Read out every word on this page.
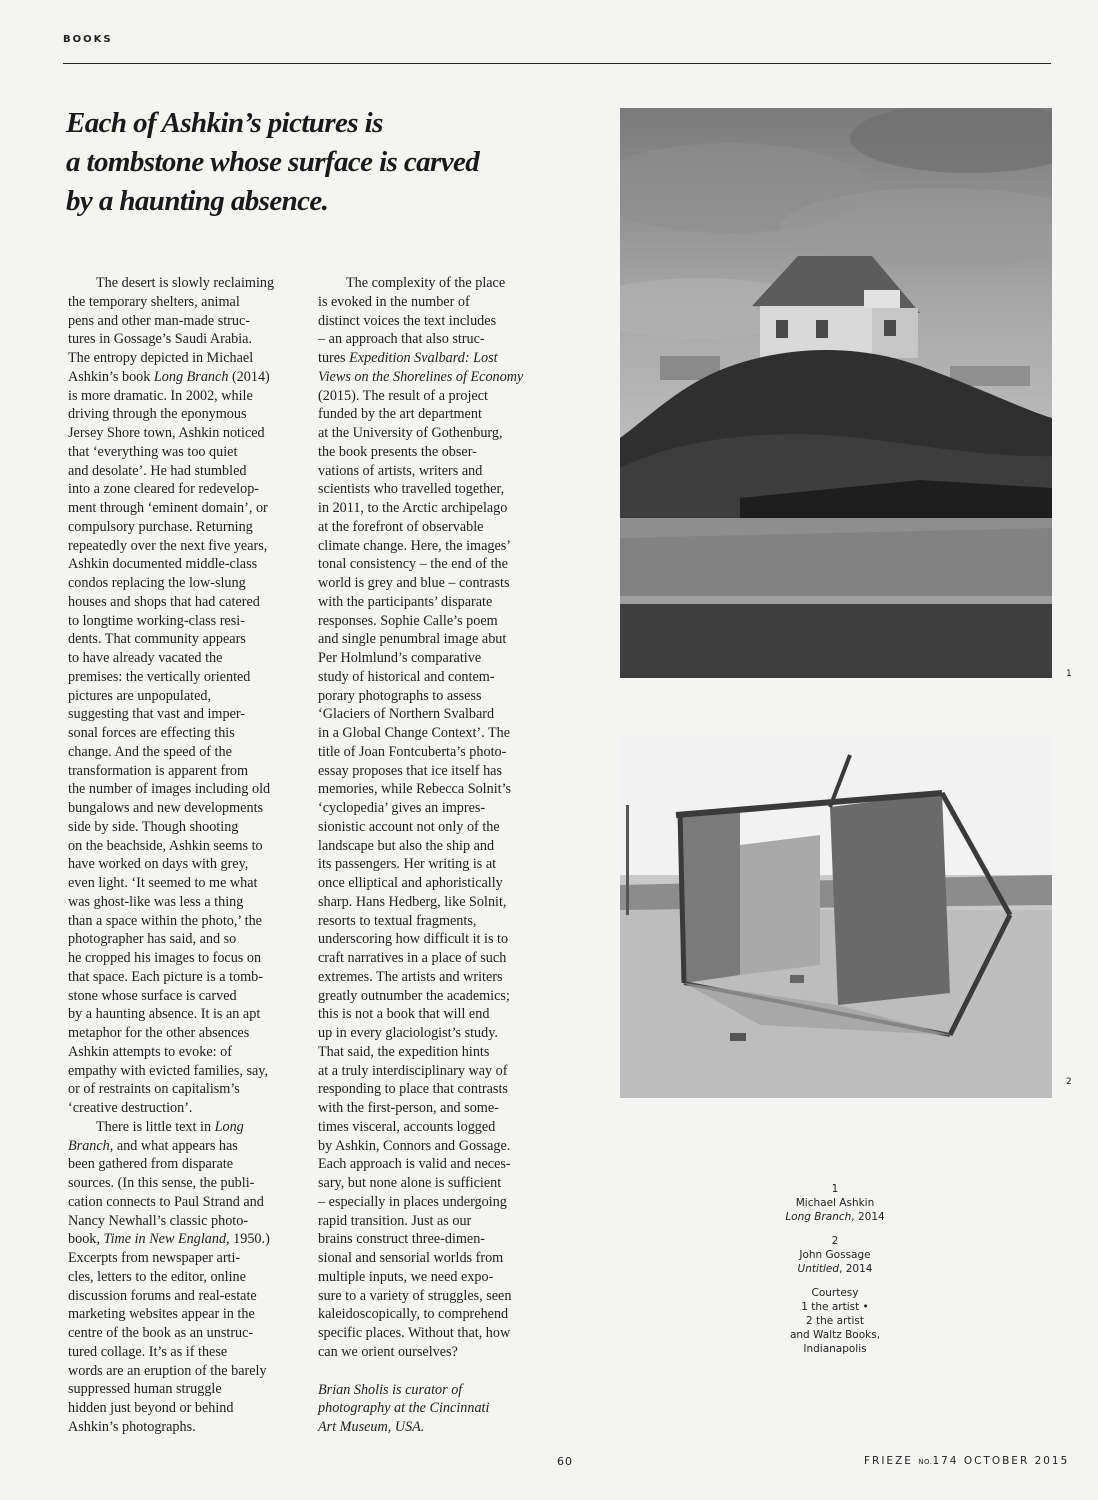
BOOKS
Each of Ashkin’s pictures is
a tombstone whose surface is carved
by a haunting absence.
The desert is slowly reclaiming
the temporary shelters, animal
pens and other man-made struc-
tures in Gossage’s Saudi Arabia.
The entropy depicted in Michael
Ashkin’s book Long Branch (2014)
is more dramatic. In 2002, while
driving through the eponymous
Jersey Shore town, Ashkin noticed
that ‘everything was too quiet
and desolate’. He had stumbled
into a zone cleared for redevelop-
ment through ‘eminent domain’, or
compulsory purchase. Returning
repeatedly over the next five years,
Ashkin documented middle-class
condos replacing the low-slung
houses and shops that had catered
to longtime working-class resi-
dents. That community appears
to have already vacated the
premises: the vertically oriented
pictures are unpopulated,
suggesting that vast and imper-
sonal forces are effecting this
change. And the speed of the
transformation is apparent from
the number of images including old
bungalows and new developments
side by side. Though shooting
on the beachside, Ashkin seems to
have worked on days with grey,
even light. ‘It seemed to me what
was ghost-like was less a thing
than a space within the photo,’ the
photographer has said, and so
he cropped his images to focus on
that space. Each picture is a tomb-
stone whose surface is carved
by a haunting absence. It is an apt
metaphor for the other absences
Ashkin attempts to evoke: of
empathy with evicted families, say,
or of restraints on capitalism’s
‘creative destruction’.
There is little text in Long
Branch, and what appears has
been gathered from disparate
sources. (In this sense, the publi-
cation connects to Paul Strand and
Nancy Newhall’s classic photo-
book, Time in New England, 1950.)
Excerpts from newspaper arti-
cles, letters to the editor, online
discussion forums and real-estate
marketing websites appear in the
centre of the book as an unstruc-
tured collage. It’s as if these
words are an eruption of the barely
suppressed human struggle
hidden just beyond or behind
Ashkin’s photographs.
The complexity of the place
is evoked in the number of
distinct voices the text includes
– an approach that also struc-
tures Expedition Svalbard: Lost
Views on the Shorelines of Economy
(2015). The result of a project
funded by the art department
at the University of Gothenburg,
the book presents the obser-
vations of artists, writers and
scientists who travelled together,
in 2011, to the Arctic archipelago
at the forefront of observable
climate change. Here, the images’
tonal consistency – the end of the
world is grey and blue – contrasts
with the participants’ disparate
responses. Sophie Calle’s poem
and single penumbral image abut
Per Holmlund’s comparative
study of historical and contem-
porary photographs to assess
‘Glaciers of Northern Svalbard
in a Global Change Context’. The
title of Joan Fontcuberta’s photo-
essay proposes that ice itself has
memories, while Rebecca Solnit’s
‘cyclopedia’ gives an impres-
sionistic account not only of the
landscape but also the ship and
its passengers. Her writing is at
once elliptical and aphoristically
sharp. Hans Hedberg, like Solnit,
resorts to textual fragments,
underscoring how difficult it is to
craft narratives in a place of such
extremes. The artists and writers
greatly outnumber the academics;
this is not a book that will end
up in every glaciologist’s study.
That said, the expedition hints
at a truly interdisciplinary way of
responding to place that contrasts
with the first-person, and some-
times visceral, accounts logged
by Ashkin, Connors and Gossage.
Each approach is valid and neces-
sary, but none alone is sufficient
– especially in places undergoing
rapid transition. Just as our
brains construct three-dimen-
sional and sensorial worlds from
multiple inputs, we need expo-
sure to a variety of struggles, seen
kaleidoscopically, to comprehend
specific places. Without that, how
can we orient ourselves?
Brian Sholis is curator of
photography at the Cincinnati
Art Museum, USA.
1
2
1
Michael Ashkin
Long Branch, 2014
2
John Gossage
Untitled, 2014
Courtesy
1 the artist •
2 the artist
and Waltz Books,
Indianapolis
60	FRIEZE NO.174 OCTOBER 2015
